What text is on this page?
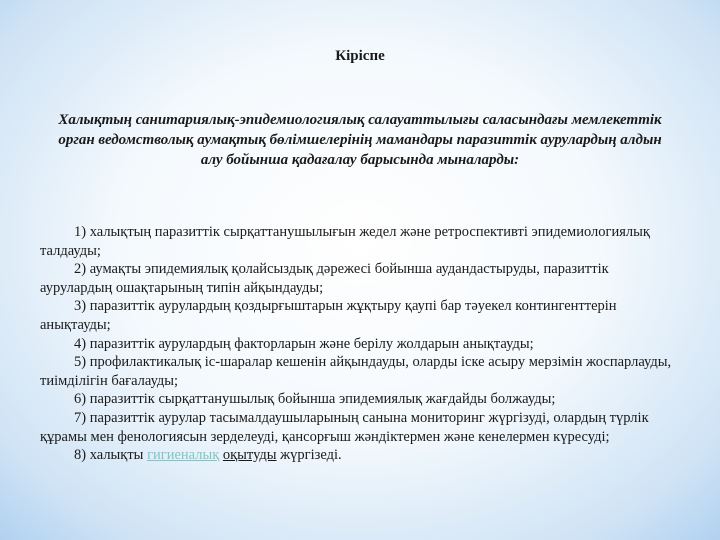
Кіріспе
Халықтың санитариялық-эпидемиологиялық салауаттылығы саласындағы мемлекеттік орган ведомстволық аумақтық бөлімшелерінің мамандары паразиттік аурулардың алдын алу бойынша қадағалау барысында мыналарды:
1) халықтың паразиттік сырқаттанушылығын жедел және ретроспективті эпидемиологиялық талдауды;
2) аумақты эпидемиялық қолайсыздық дәрежесі бойынша аудандастыруды, паразиттік аурулардың ошақтарының типін айқындауды;
3) паразиттік аурулардың қоздырғыштарын жұқтыру қаупі бар тәуекел контингенттерін анықтауды;
4) паразиттік аурулардың факторларын және берілу жолдарын анықтауды;
5) профилактикалық іс-шаралар кешенін айқындауды, оларды іске асыру мерзімін жоспарлауды, тиімділігін бағалауды;
6) паразиттік сырқаттанушылық бойынша эпидемиялық жағдайды болжауды;
7) паразиттік аурулар тасымалдаушыларының санына мониторинг жүргізуді, олардың түрлік құрамы мен фенологиясын зерделеуді, қансорғыш жәндіктермен және кенелермен күресуді;
8) халықты гигиеналық оқытуды жүргізеді.
